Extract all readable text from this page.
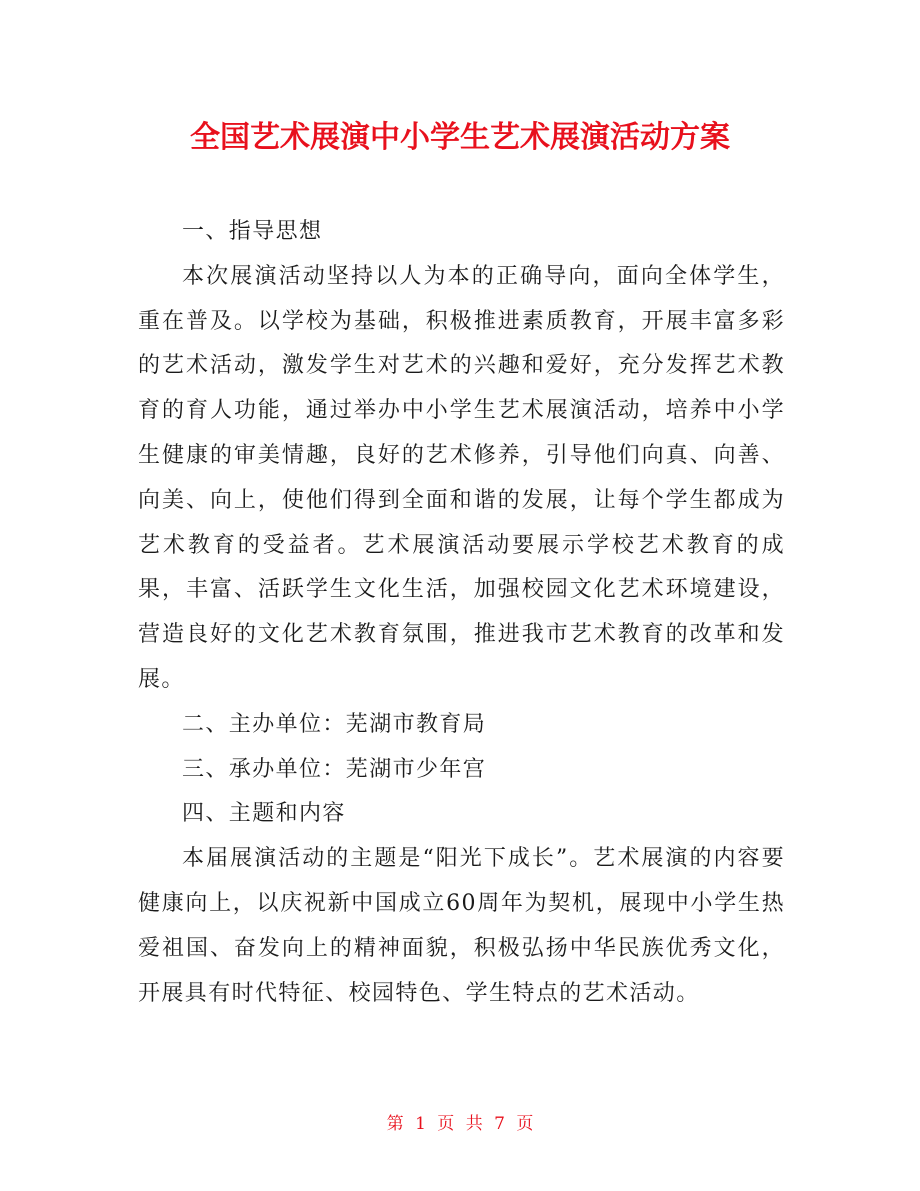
全国艺术展演中小学生艺术展演活动方案

一、指导思想

本次展演活动坚持以人为本的正确导向，面向全体学生，重在普及。以学校为基础，积极推进素质教育，开展丰富多彩的艺术活动，激发学生对艺术的兴趣和爱好，充分发挥艺术教育的育人功能，通过举办中小学生艺术展演活动，培养中小学生健康的审美情趣，良好的艺术修养，引导他们向真、向善、向美、向上，使他们得到全面和谐的发展，让每个学生都成为艺术教育的受益者。艺术展演活动要展示学校艺术教育的成果，丰富、活跃学生文化生活，加强校园文化艺术环境建设，营造良好的文化艺术教育氛围，推进我市艺术教育的改革和发展。

二、主办单位：芜湖市教育局

三、承办单位：芜湖市少年宫

四、主题和内容

本届展演活动的主题是“阳光下成长”。艺术展演的内容要健康向上，以庆祝新中国成立60周年为契机，展现中小学生热爱祖国、奋发向上的精神面貌，积极弘扬中华民族优秀文化，开展具有时代特征、校园特色、学生特点的艺术活动。

第 1 页 共 7 页
